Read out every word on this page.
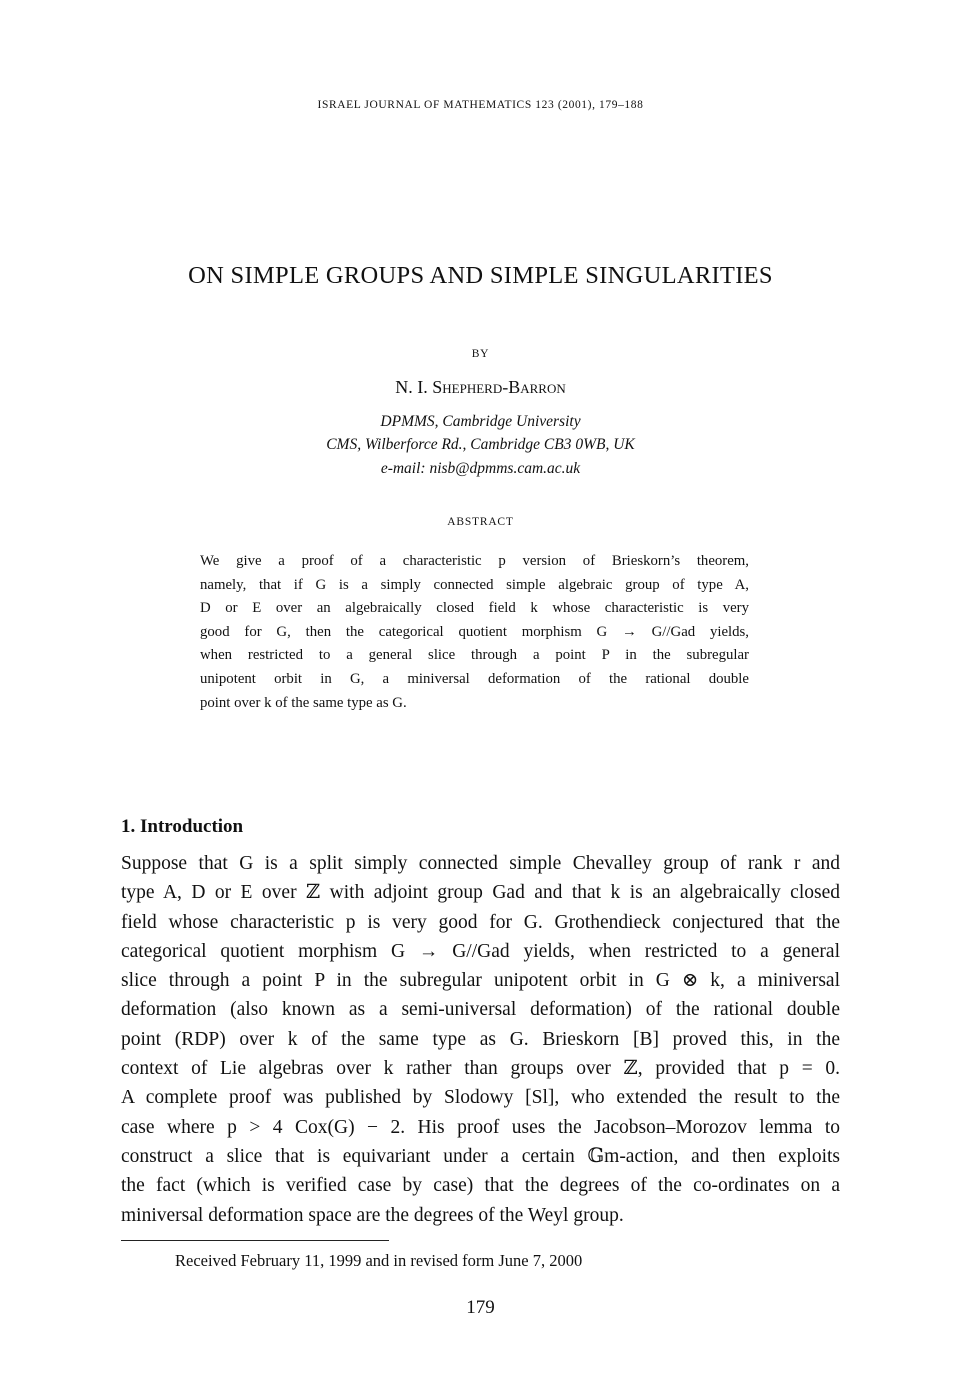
ISRAEL JOURNAL OF MATHEMATICS 123 (2001), 179–188
ON SIMPLE GROUPS AND SIMPLE SINGULARITIES
BY
N. I. Shepherd-Barron
DPMMS, Cambridge University
CMS, Wilberforce Rd., Cambridge CB3 0WB, UK
e-mail: nisb@dpmms.cam.ac.uk
ABSTRACT
We give a proof of a characteristic p version of Brieskorn’s theorem,
namely, that if G is a simply connected simple algebraic group of type A,
D or E over an algebraically closed field k whose characteristic is very
good for G, then the categorical quotient morphism G → G//Gad yields,
when restricted to a general slice through a point P in the subregular
unipotent orbit in G, a miniversal deformation of the rational double
point over k of the same type as G.
1. Introduction
Suppose that G is a split simply connected simple Chevalley group of rank r and
type A, D or E over ℤ with adjoint group Gad and that k is an algebraically closed
field whose characteristic p is very good for G. Grothendieck conjectured that the
categorical quotient morphism G → G//Gad yields, when restricted to a general
slice through a point P in the subregular unipotent orbit in G ⊗ k, a miniversal
deformation (also known as a semi-universal deformation) of the rational double
point (RDP) over k of the same type as G. Brieskorn [B] proved this, in the
context of Lie algebras over k rather than groups over ℤ, provided that p = 0.
A complete proof was published by Slodowy [Sl], who extended the result to the
case where p > 4 Cox(G) − 2. His proof uses the Jacobson–Morozov lemma to
construct a slice that is equivariant under a certain 𝔾m-action, and then exploits
the fact (which is verified case by case) that the degrees of the co-ordinates on a
miniversal deformation space are the degrees of the Weyl group.
Received February 11, 1999 and in revised form June 7, 2000
179
